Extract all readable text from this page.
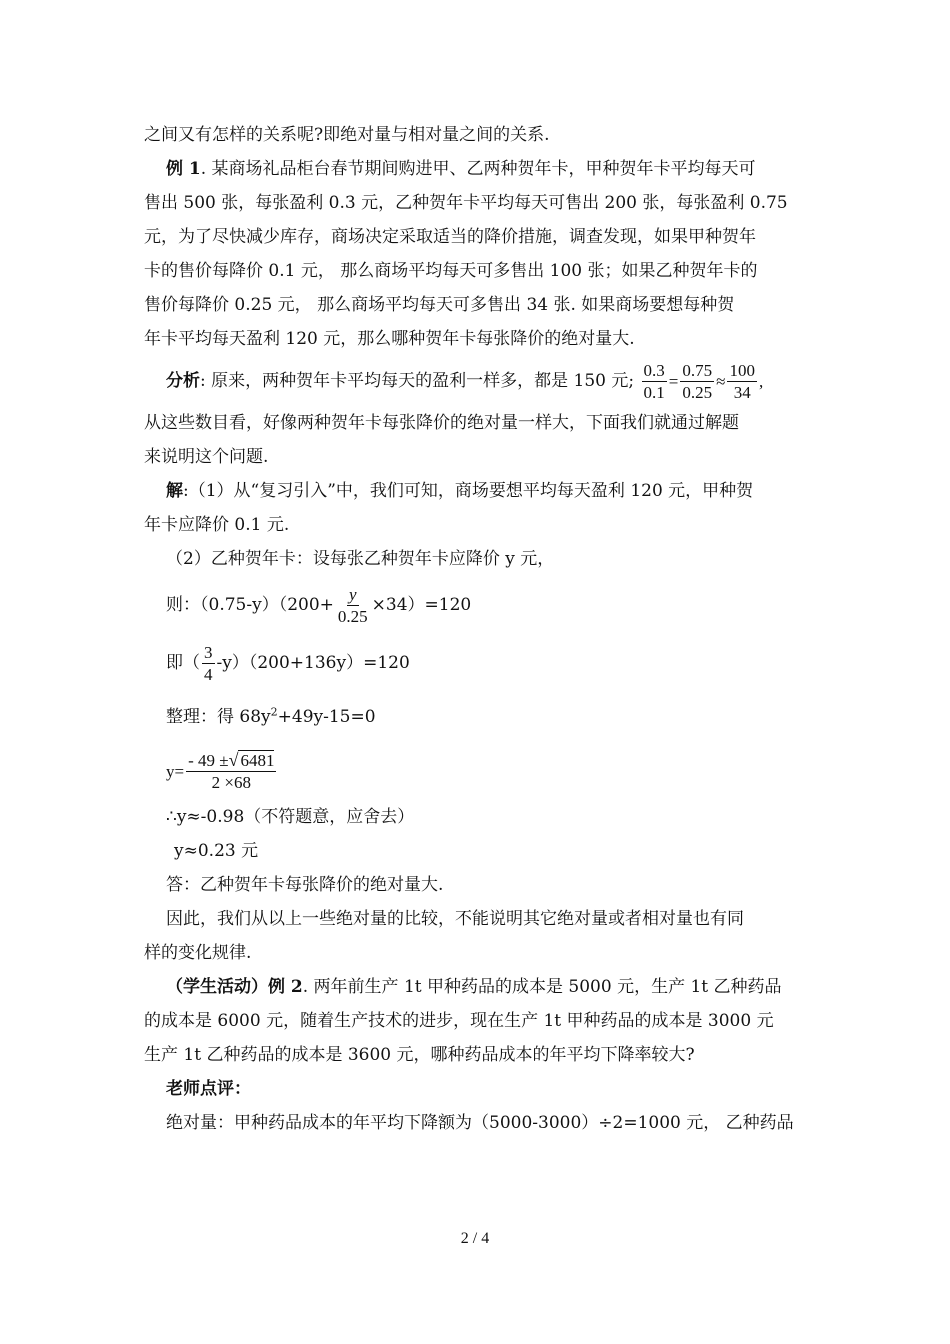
之间又有怎样的关系呢?即绝对量与相对量之间的关系.
例 1. 某商场礼品柜台春节期间购进甲、乙两种贺年卡，甲种贺年卡平均每天可
售出 500 张，每张盈利 0.3 元，乙种贺年卡平均每天可售出 200 张，每张盈利 0.75
元，为了尽快减少库存，商场决定采取适当的降价措施，调查发现，如果甲种贺年
卡的售价每降价 0.1 元， 那么商场平均每天可多售出 100 张；如果乙种贺年卡的
售价每降价 0.25 元， 那么商场平均每天可多售出 34 张. 如果商场要想每种贺
年卡平均每天盈利 120 元，那么哪种贺年卡每张降价的绝对量大.
分析: 原来，两种贺年卡平均每天的盈利一样多，都是 150 元; $\frac{0.3}{0.1} = \frac{0.75}{0.25} \approx \frac{100}{34}$ ,
从这些数目看，好像两种贺年卡每张降价的绝对量一样大，下面我们就通过解题
来说明这个问题.
解:（1）从“复习引入”中，我们可知，商场要想平均每天盈利 120 元，甲种贺
年卡应降价 0.1 元.
（2）乙种贺年卡：设每张乙种贺年卡应降价 y 元，
则：$(0.75-y)(200+ \frac{y}{0.25} \times 34)=120$
即（ $\frac{3}{4} -y)(200+136y)=120$
整理：得 $68y^2+49y-15=0$
$y= \frac{- 49 \pm√ 6481}{2 \times 68}$
∴y≈-0.98（不符题意，应舍去）
y≈0.23 元
答：乙种贺年卡每张降价的绝对量大.
因此，我们从以上一些绝对量的比较，不能说明其它绝对量或者相对量也有同
样的变化规律.
（学生活动）例 2. 两年前生产 1t 甲种药品的成本是 5000 元，生产 1t 乙种药品
的成本是 6000 元，随着生产技术的进步，现在生产 1t 甲种药品的成本是 3000 元
生产 1t 乙种药品的成本是 3600 元，哪种药品成本的年平均下降率较大?
老师点评：
绝对量：甲种药品成本的年平均下降额为（5000-3000）÷2=1000 元， 乙种药品
2 / 4
